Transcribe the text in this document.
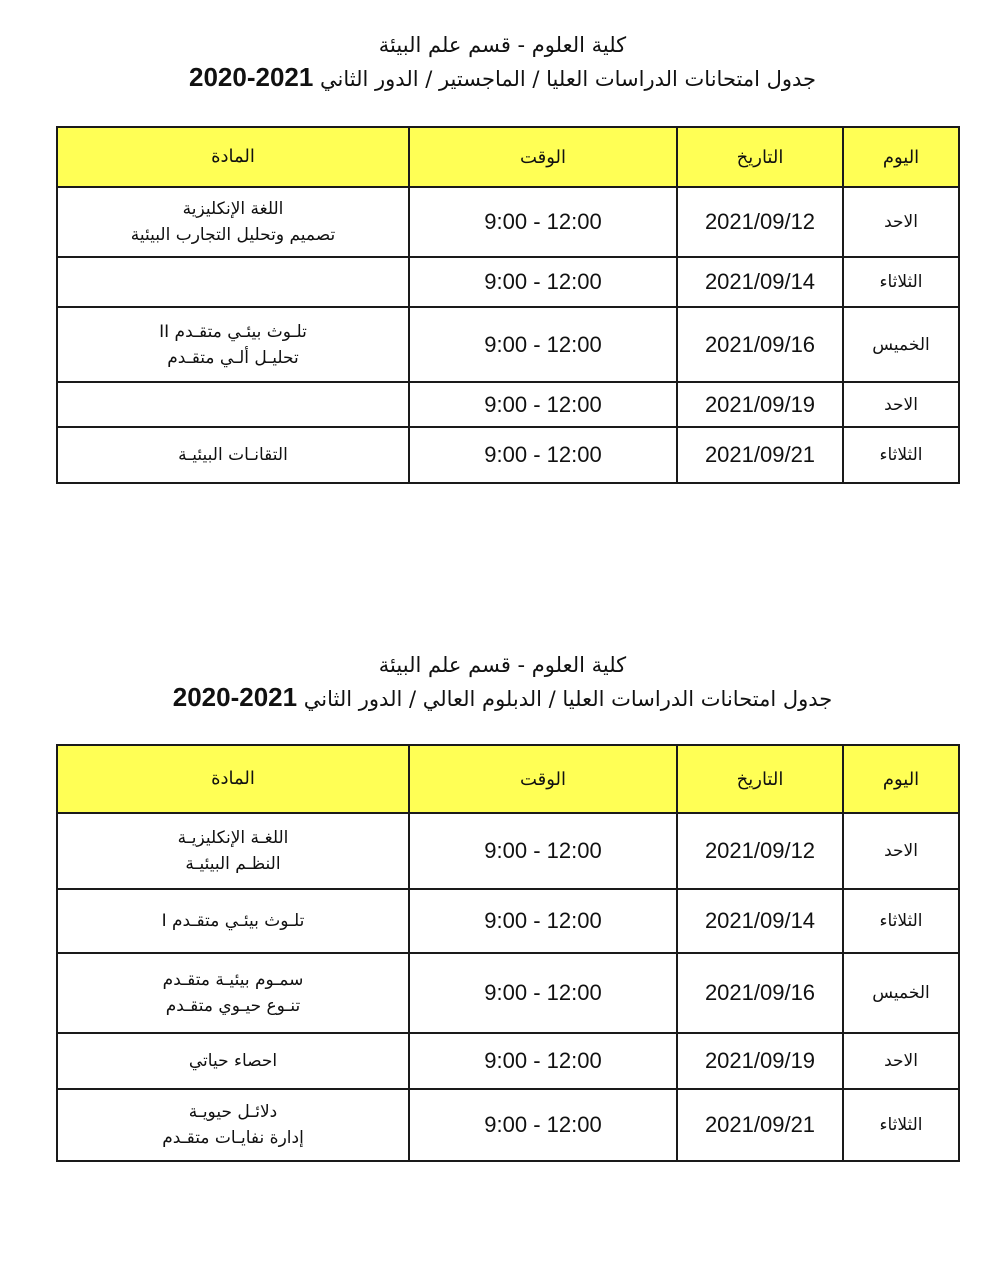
كلية العلوم - قسم علم البيئة
جدول امتحانات الدراسات العليا / الماجستير / الدور الثاني 2020-2021
اليوم	التاريخ	الوقت	المادة
الاحد	2021/09/12	9:00 - 12:00	اللغة الإنكليزية
تصميم وتحليل التجارب البيئية

الثلاثاء	2021/09/14	9:00 - 12:00	
الخميس	2021/09/16	9:00 - 12:00	تلـوث بيئـي متقـدم II
تحليـل ألـي متقـدم

الاحد	2021/09/19	9:00 - 12:00	
الثلاثاء	2021/09/21	9:00 - 12:00	التقانـات البيئيـة
كلية العلوم - قسم علم البيئة
جدول امتحانات الدراسات العليا / الدبلوم العالي / الدور الثاني 2020-2021
اليوم	التاريخ	الوقت	المادة
الاحد	2021/09/12	9:00 - 12:00	اللغـة الإنكليزيـة
النظـم البيئيـة

الثلاثاء	2021/09/14	9:00 - 12:00	تلـوث بيئـي متقـدم I

الخميس	2021/09/16	9:00 - 12:00	سمـوم بيئيـة متقـدم
تنـوع حيـوي متقـدم

الاحد	2021/09/19	9:00 - 12:00	احصاء حياتي

الثلاثاء	2021/09/21	9:00 - 12:00	دلائـل حيويـة
إدارة نفايـات متقـدم
